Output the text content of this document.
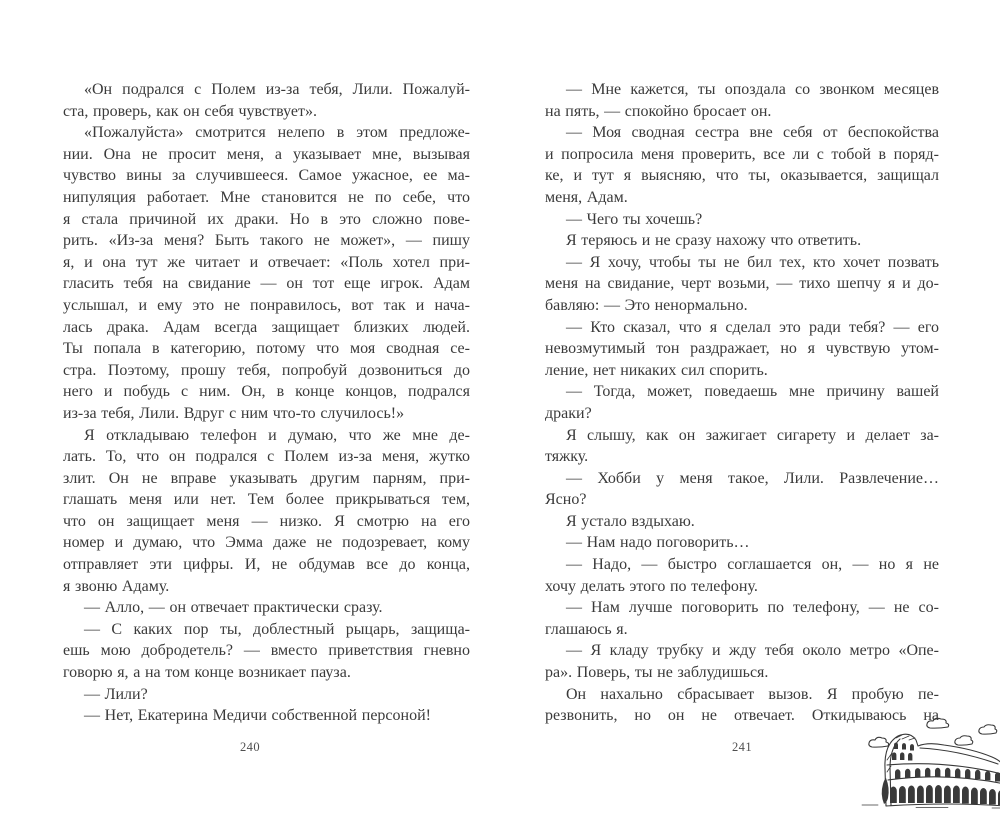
«Он подрался с Полем из-за тебя, Лили. Пожалуй-
ста, проверь, как он себя чувствует».
«Пожалуйста» смотрится нелепо в этом предложе-
нии. Она не просит меня, а указывает мне, вызывая
чувство вины за случившееся. Самое ужасное, ее ма-
нипуляция работает. Мне становится не по себе, что
я стала причиной их драки. Но в это сложно пове-
рить. «Из-за меня? Быть такого не может», — пишу
я, и она тут же читает и отвечает: «Поль хотел при-
гласить тебя на свидание — он тот еще игрок. Адам
услышал, и ему это не понравилось, вот так и нача-
лась драка. Адам всегда защищает близких людей.
Ты попала в категорию, потому что моя сводная се-
стра. Поэтому, прошу тебя, попробуй дозвониться до
него и побудь с ним. Он, в конце концов, подрался
из-за тебя, Лили. Вдруг с ним что-то случилось!»
Я откладываю телефон и думаю, что же мне де-
лать. То, что он подрался с Полем из-за меня, жутко
злит. Он не вправе указывать другим парням, при-
глашать меня или нет. Тем более прикрываться тем,
что он защищает меня — низко. Я смотрю на его
номер и думаю, что Эмма даже не подозревает, кому
отправляет эти цифры. И, не обдумав все до конца,
я звоню Адаму.
— Алло, — он отвечает практически сразу.
— С каких пор ты, доблестный рыцарь, защища-
ешь мою добродетель? — вместо приветствия гневно
говорю я, а на том конце возникает пауза.
— Лили?
— Нет, Екатерина Медичи собственной персоной!
— Мне кажется, ты опоздала со звонком месяцев
на пять, — спокойно бросает он.
— Моя сводная сестра вне себя от беспокойства
и попросила меня проверить, все ли с тобой в поряд-
ке, и тут я выясняю, что ты, оказывается, защищал
меня, Адам.
— Чего ты хочешь?
Я теряюсь и не сразу нахожу что ответить.
— Я хочу, чтобы ты не бил тех, кто хочет позвать
меня на свидание, черт возьми, — тихо шепчу я и до-
бавляю: — Это ненормально.
— Кто сказал, что я сделал это ради тебя? — его
невозмутимый тон раздражает, но я чувствую утом-
ление, нет никаких сил спорить.
— Тогда, может, поведаешь мне причину вашей
драки?
Я слышу, как он зажигает сигарету и делает за-
тяжку.
— Хобби у меня такое, Лили. Развлечение…
Ясно?
Я устало вздыхаю.
— Нам надо поговорить…
— Надо, — быстро соглашается он, — но я не
хочу делать этого по телефону.
— Нам лучше поговорить по телефону, — не со-
глашаюсь я.
— Я кладу трубку и жду тебя около метро «Опе-
ра». Поверь, ты не заблудишься.
Он нахально сбрасывает вызов. Я пробую пе-
резвонить, но он не отвечает. Откидываюсь на
240	241
